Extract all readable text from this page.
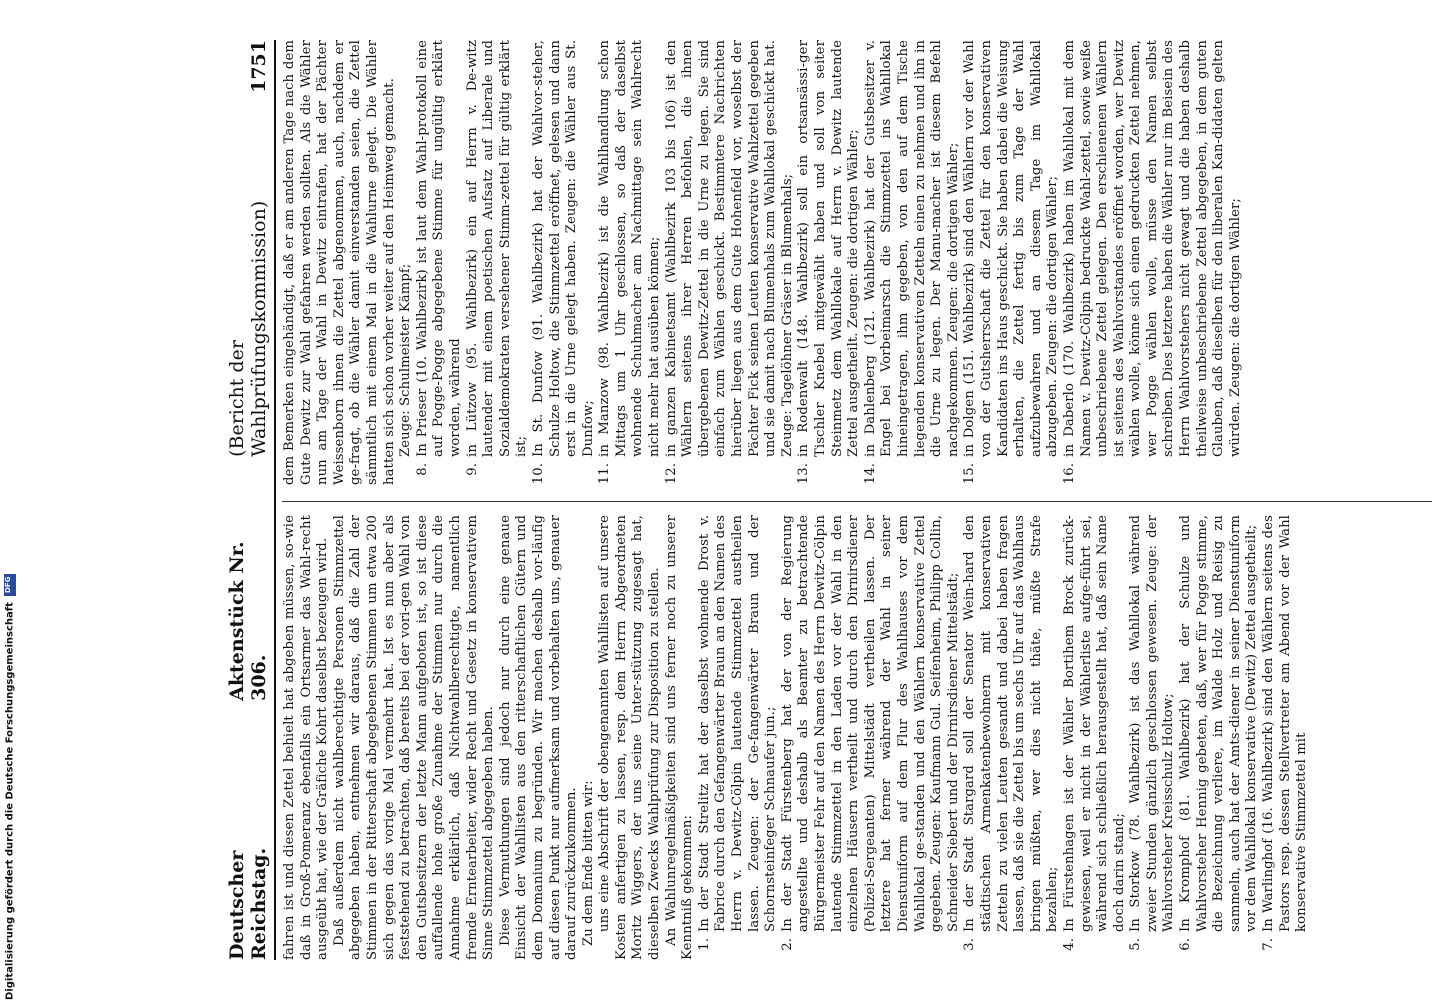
Digitalisierung gefördert durch die Deutsche Forschungsgemeinschaft
DFG
Deutscher Reichstag.
Aktenstück Nr. 306.
(Bericht der Wahlprüfungskommission)
1751

fahren ist und diesen Zettel behielt hat abgeben müssen, so-wie daß in Groß-Pomeranz ebenfalls ein Ortsarmer das Wahl-recht ausgeübt hat, wie der Gräfiche Kohrt daselbst bezeugen wird. Daß außerdem nicht wahlberechtigte Personen Stimmzettel abgegeben haben, entnehmen wir daraus, daß die Zahl der Stimmen in der Ritterschaft abgegebenen Stimmen um etwa 200 sich gegen das vorige Mal vermehrt hat. Ist es nun aber als feststehend zu betrachten, daß bereits bei der vori-gen Wahl von den Gutsbesitzern der letzte Mann aufgeboten ist, so ist diese auffallende hohe große Zunahme der Stimmen nur durch die Annahme erklärlich, daß Nichtwahlberechtigte, namentlich fremde Erntearbeiter, wider Recht und Gesetz in konservativem Sinne Stimmzettel abgegeben haben. Diese Vermuthungen sind jedoch nur durch eine genaue Einsicht der Wahllisten aus den ritterschaftlichen Gütern und dem Domanium zu begründen. Wir machen deshalb vor-läufig auf diesen Punkt nur aufmerksam und vorbehalten uns, genauer darauf zurückzukommen. Zu dem Ende bitten wir: uns eine Abschrift der obengenannten Wahllisten auf unsere Kosten anfertigen zu lassen, resp. dem Herrn Abgeordneten Moritz Wiggers, der uns seine Unter-stützung zugesagt hat, dieselben Zwecks Wahlprüfung zur Disposition zu stellen. An Wahlunregelmäßigkeiten sind uns ferner noch zu unserer Kenntniß gekommen: 1.
In der Stadt Strelitz hat der daselbst wohnende Drost v. Fabrice durch den Gefangenwärter Braun an den Namen des Herrn v. Dewitz-Cölpin lautende Stimmzettel austheilen lassen. Zeugen: der Ge-fangenwärter Braun und der Schornsteinfeger Schnaufer jun.;
2.
In der Stadt Fürstenberg hat der von der Regierung angestellte und deshalb als Beamter zu betrachtende Bürgermeister Fehr auf den Namen des Herrn Dewitz-Cölpin lautende Stimmzettel in den Laden vor der Wahl in den einzelnen Häusern vertheilt und durch den Dirnirsdiener (Polizei-Sergeanten) Mittelstädt vertheilen lassen. Der letztere hat ferner während der Wahl in seiner Dienstuniform auf dem Flur des Wahlhauses vor dem Wahllokal ge-standen und den Wählern konservative Zettel gegeben. Zeugen: Kaufmann Gul. Seifenheim, Philipp Collin, Schneider Siebert und der Dirnirsdiener Mittelstädt;
3.
In der Stadt Stargard soll der Senator Wein-hard den städtischen Armenkatenbewohnern mit konservativen Zetteln zu vielen Leuten gesandt und dabei haben fragen lassen, daß sie die Zettel bis um sechs Uhr auf das Wahlhaus bringen müßten, wer dies nicht thäte, müßte Strafe bezahlen;
4.
In Fürstenhagen ist der Wähler Bortihem Brock zurück-gewiesen, weil er nicht in der Wählerliste aufge-führt sei, während sich schließlich herausgestellt hat, daß sein Name doch darin stand;
5.
In Storkow (78. Wahlbezirk) ist das Wahllokal während zweier Stunden gänzlich geschlossen gewesen. Zeuge: der Wahlvorsteher Kreisschulz Holtow;
6.
In Kromphof (81. Wahlbezirk) hat der Schulze und Wahlvorsteher Hennig gebeten, daß, wer für Pogge stimme, die Bezeichnung verliere, im Walde Holz und Reisig zu sammeln, auch hat der Amts-diener in seiner Dienstuniform vor dem Wahllokal konservative (Dewitz) Zettel ausgetheilt;
7.
In Warlinghof (16. Wahlbezirk) sind den Wählern seitens des Pastors resp. dessen Stellvertreter am Abend vor der Wahl konservative Stimmzettel mit

dem Bemerken eingehändigt, daß er am anderen Tage nach dem Gute Dewitz zur Wahl gefahren werden sollten. Als die Wähler nun am Tage der Wahl in Dewitz eintrafen, hat der Pächter Weissenborn ihnen die Zettel abgenommen, auch, nachdem er ge-fragt, ob die Wähler damit einverstanden seien, die Zettel sämmtlich mit einem Mal in die Wahlurne gelegt. Die Wähler hatten sich schon vorher weiter auf den Heimweg gemacht. Zeuge: Schulmeister Kämpf;
8.
In Prieser (10. Wahlbezirk) ist laut dem Wahl-protokoll eine auf Pogge-Pogge abgegebene Stimme für ungültig erklärt worden, während
9.
in Lützow (95. Wahlbezirk) ein auf Herrn v. De-witz lautender mit einem poetischen Aufsatz auf Liberale und Sozialdemokraten versehener Stimm-zettel für gültig erklärt ist;
10.
In St. Dunfow (91. Wahlbezirk) hat der Wahlvor-steher, Schulze Holtow, die Stimmzettel eröffnet, gelesen und dann erst in die Urne gelegt haben. Zeugen: die Wähler aus St. Dunfow;
11.
in Manzow (98. Wahlbezirk) ist die Wahlhandlung schon Mittags um 1 Uhr geschlossen, so daß der daselbst wohnende Schuhmacher am Nachmittage sein Wahlrecht nicht mehr hat ausüben können;
12.
in ganzen Kabinetsamt (Wahlbezirk 103 bis 106) ist den Wählern seitens ihrer Herren befohlen, die ihnen übergebenen Dewitz-Zettel in die Urne zu legen. Sie sind einfach zum Wählen geschickt. Bestimmtere Nachrichten hierüber liegen aus dem Gute Hohenfeld vor, woselbst der Pächter Fick seinen Leuten konservative Wahlzettel gegeben und sie damit nach Blumenhals zum Wahllokal geschickt hat. Zeuge: Tagelöhner Gräser in Blumenhals;
13.
in Rodenwalt (148. Wahlbezirk) soll ein ortsansässi-ger Tischler Knebel mitgewählt haben und soll von seiter Steinmetz dem Wahllokale auf Herrn v. Dewitz lautende Zettel ausgetheilt. Zeugen: die dortigen Wähler;
14.
in Dahlenberg (121. Wahlbezirk) hat der Gutsbesitzer v. Engel bei Vorbeimarsch die Stimmzettel ins Wahllokal hineingetragen, ihm gegeben, von den auf dem Tische liegenden konservativen Zetteln einen zu nehmen und ihn in die Urne zu legen. Der Manu-macher ist diesem Befehl nachgekommen. Zeugen: die dortigen Wähler;
15.
in Dolgen (151. Wahlbezirk) sind den Wählern vor der Wahl von der Gutsherrschaft die Zettel für den konservativen Kandidaten ins Haus geschickt. Sie haben dabei die Weisung erhalten, die Zettel fertig bis zum Tage der Wahl aufzubewahren und an diesem Tage im Wahllokal abzugeben. Zeugen: die dortigen Wähler;
16.
in Daberlo (170. Wahlbezirk) haben im Wahllokal mit dem Namen v. Dewitz-Cölpin bedruckte Wahl-zettel, sowie weiße unbeschriebene Zettel gelegen. Den erschienenen Wählern ist seitens des Wahlvorstandes eröffnet worden, wer Dewitz wählen wolle, könne sich einen gedruckten Zettel nehmen, wer Pogge wählen wolle, müsse den Namen selbst schreiben. Dies letztere haben die Wähler nur im Beisein des Herrn Wahlvorstehers nicht gewagt und die haben deshalb theilweise unbeschriebene Zettel abgegeben, in dem guten Glauben, daß dieselben für den liberalen Kan-didaten gelten würden. Zeugen: die dortigen Wähler;
